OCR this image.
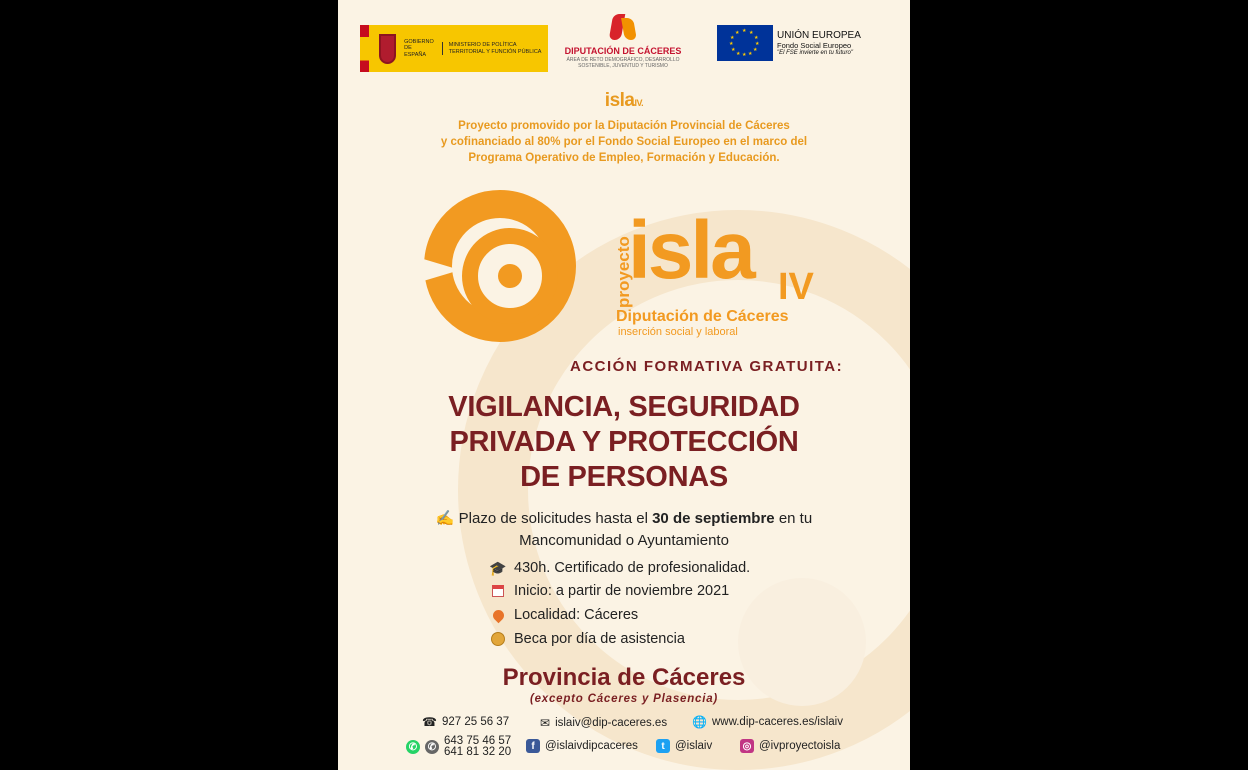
GOBIERNO DE ESPAÑA
MINISTERIO DE POLÍTICA TERRITORIAL Y FUNCIÓN PÚBLICA	DIPUTACIÓN DE CÁCERES
ÁREA DE RETO DEMOGRÁFICO, DESARROLLO SOSTENIBLE, JUVENTUD Y TURISMO
★ ★
★
★
★
★
★
★
★
★
★
★	UNIÓN EUROPEA
Fondo Social Europeo
"El FSE invierte en tu futuro"
islaIV.
Proyecto promovido por la Diputación Provincial de Cáceres
y cofinanciado al 80% por el Fondo Social Europeo en el marco del
Programa Operativo de Empleo, Formación y Educación.
proyecto
isla IV
Diputación de Cáceres
inserción social y laboral
ACCIÓN FORMATIVA GRATUITA:
VIGILANCIA, SEGURIDAD
PRIVADA Y PROTECCIÓN
DE PERSONAS
✍ Plazo de solicitudes hasta el 30 de septiembre en tu
Mancomunidad o Ayuntamiento
🎓 430h. Certificado de profesionalidad.
Inicio: a partir de noviembre 2021
Localidad: Cáceres
Beca por día de asistencia
Provincia de Cáceres
(excepto Cáceres y Plasencia)
☎ 927 25 56 37	✉ islaiv@dip-caceres.es 🌐 www.dip-caceres.es/islaiv
✆ ✆ 643 75 46 57
641 81 32 20	f @islaivdipcaceres	t @islaiv	◎ @ivproyectoisla
